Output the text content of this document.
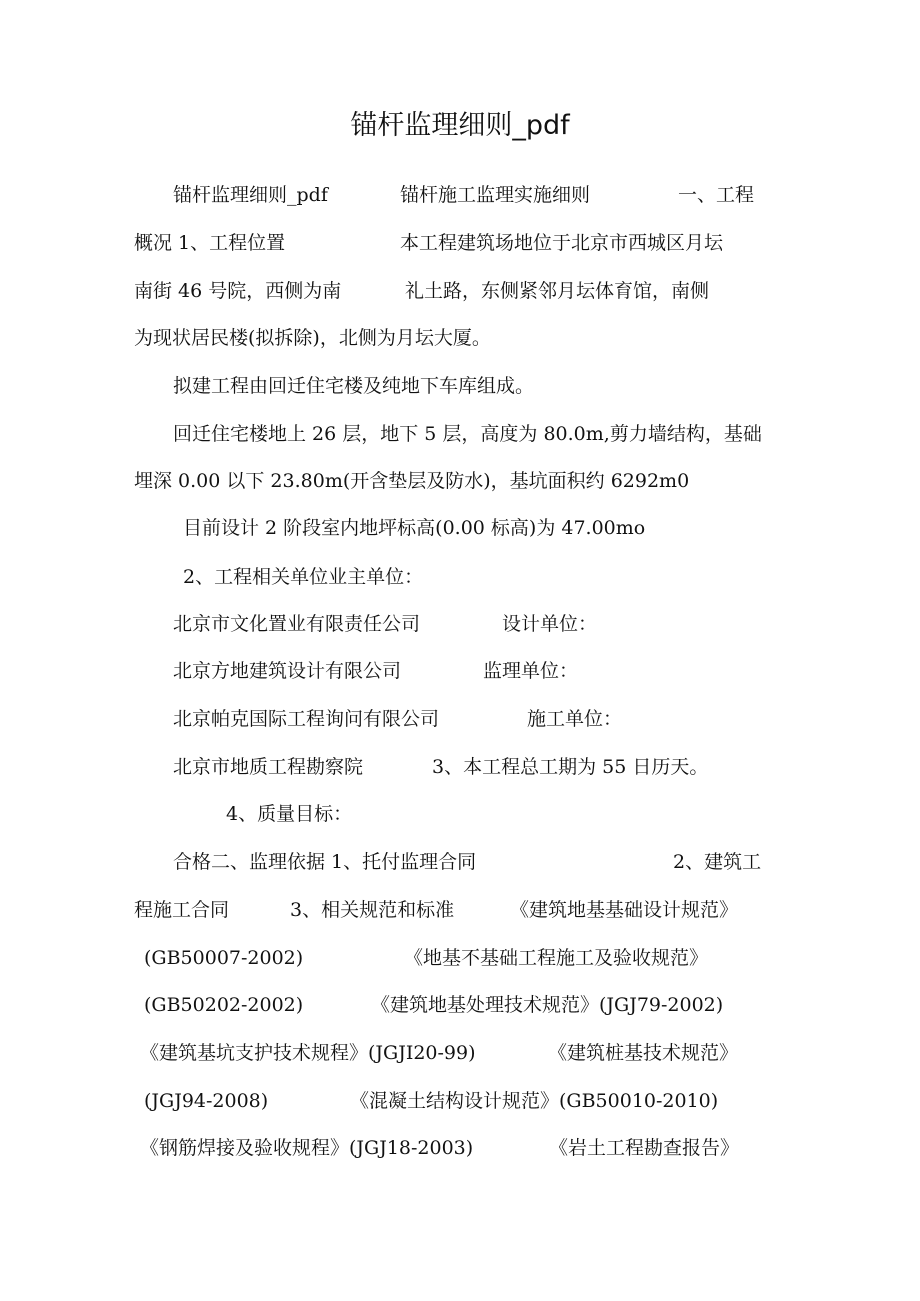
锚杆监理细则_pdf
锚杆监理细则_pdf	锚杆施工监理实施细则	一、工程
概况 1、工程位置	本工程建筑场地位于北京市西城区月坛
南街 46 号院，西侧为南	礼土路，东侧紧邻月坛体育馆，南侧
为现状居民楼(拟拆除)，北侧为月坛大厦。
拟建工程由回迁住宅楼及纯地下车库组成。
回迁住宅楼地上 26 层，地下 5 层，高度为 80.0m,剪力墙结构，基础
埋深 0.00 以下 23.80m(开含垫层及防水)，基坑面积约 6292m0
目前设计 2 阶段室内地坪标高(0.00 标高)为 47.00mo
2、工程相关单位业主单位：
北京市文化置业有限责任公司	设计单位：
北京方地建筑设计有限公司	监理单位：
北京帕克国际工程询问有限公司	施工单位：
北京市地质工程勘察院	3、本工程总工期为 55 日历天。
4、质量目标：
合格二、监理依据 1、托付监理合同	2、建筑工
程施工合同	3、相关规范和标准	《建筑地基基础设计规范》
(GB50007-2002)	《地基不基础工程施工及验收规范》
(GB50202-2002)	《建筑地基处理技术规范》(JGJ79-2002)
《建筑基坑支护技术规程》(JGJI20-99)	《建筑桩基技术规范》
(JGJ94-2008)	《混凝土结构设计规范》(GB50010-2010)
《钢筋焊接及验收规程》(JGJ18-2003)	《岩土工程勘查报告》
